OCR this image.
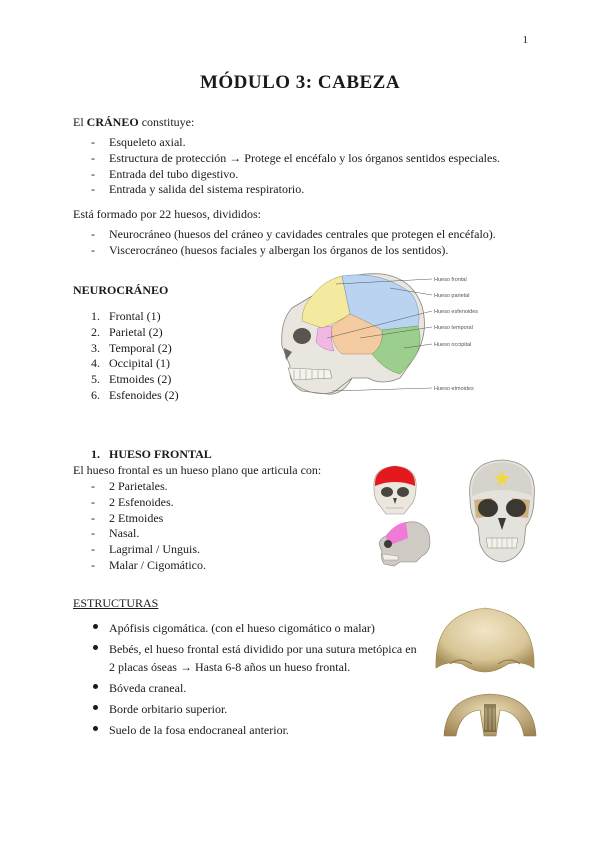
1
MÓDULO 3: CABEZA
El CRÁNEO constituye:
- Esqueleto axial.
- Estructura de protección → Protege el encéfalo y los órganos sentidos especiales.
- Entrada del tubo digestivo.
- Entrada y salida del sistema respiratorio.
Está formado por 22 huesos, divididos:
- Neurocráneo (huesos del cráneo y cavidades centrales que protegen el encéfalo).
- Viscerocráneo (huesos faciales y albergan los órganos de los sentidos).
NEUROCRÁNEO
1. Frontal (1)
2. Parietal (2)
3. Temporal (2)
4. Occipital (1)
5. Etmoides (2)
6. Esfenoides (2)
Hueso frontal
Hueso parietal
Hueso esfenoides
Hueso temporal
Hueso occipital
Hueso etmoides
1. HUESO FRONTAL
El hueso frontal es un hueso plano que articula con:
- 2 Parietales.
- 2 Esfenoides.
- 2 Etmoides
- Nasal.
- Lagrimal / Unguis.
- Malar / Cigomático.
ESTRUCTURAS
Apófisis cigomática. (con el hueso cigomático o malar)
Bebés, el hueso frontal está dividido por una sutura metópica en
2 placas óseas → Hasta 6-8 años un hueso frontal.
Bóveda craneal.
Borde orbitario superior.
Suelo de la fosa endocraneal anterior.
